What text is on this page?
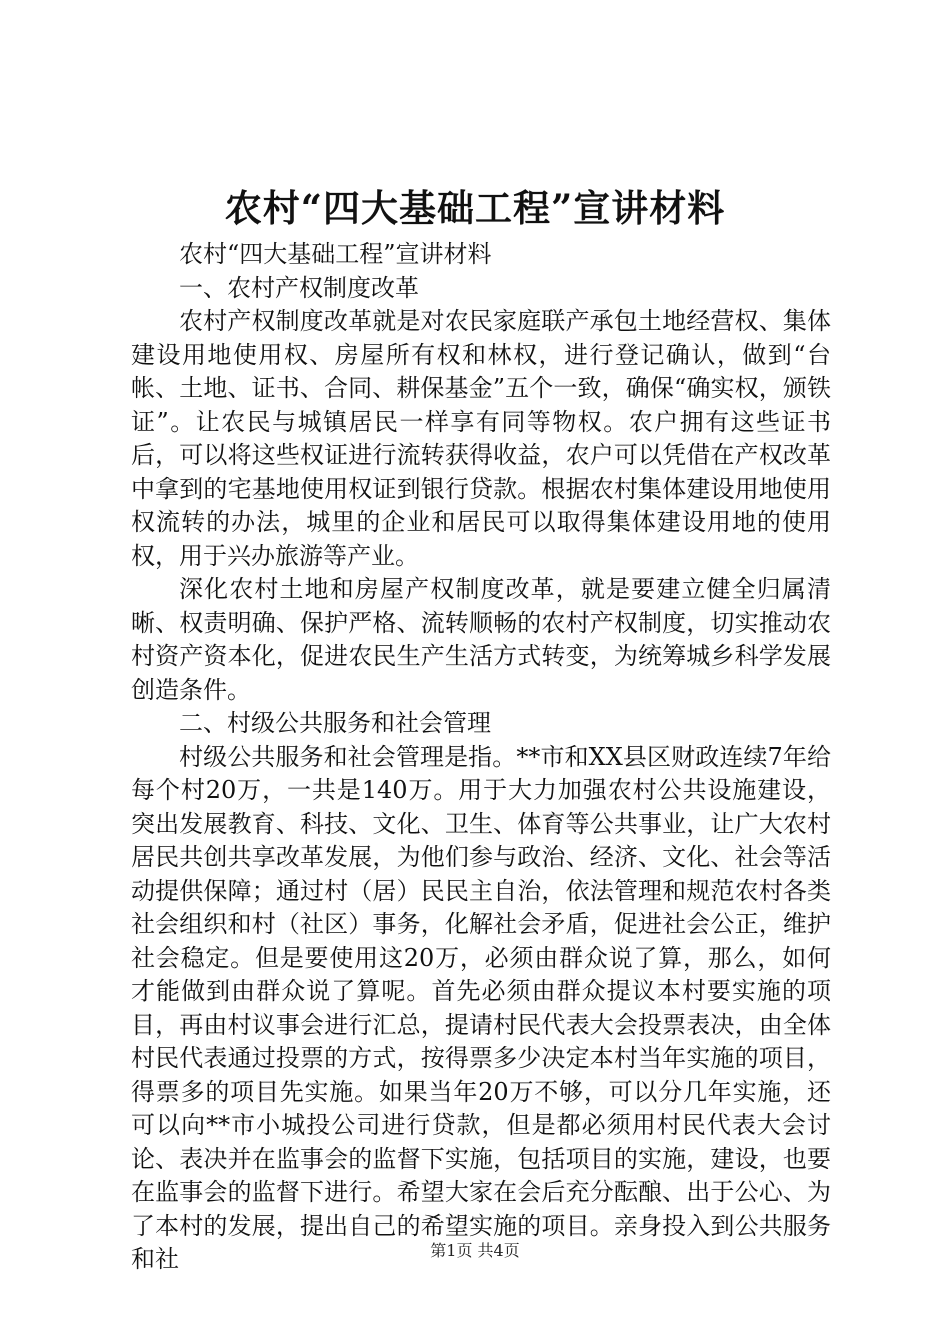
农村“四大基础工程”宣讲材料

农村“四大基础工程”宣讲材料

一、农村产权制度改革

农村产权制度改革就是对农民家庭联产承包土地经营权、集体建设用地使用权、房屋所有权和林权，进行登记确认，做到“台帐、土地、证书、合同、耕保基金”五个一致，确保“确实权，颁铁证”。让农民与城镇居民一样享有同等物权。农户拥有这些证书后，可以将这些权证进行流转获得收益，农户可以凭借在产权改革中拿到的宅基地使用权证到银行贷款。根据农村集体建设用地使用权流转的办法，城里的企业和居民可以取得集体建设用地的使用权，用于兴办旅游等产业。

深化农村土地和房屋产权制度改革，就是要建立健全归属清晰、权责明确、保护严格、流转顺畅的农村产权制度，切实推动农村资产资本化，促进农民生产生活方式转变，为统筹城乡科学发展创造条件。

二、村级公共服务和社会管理

村级公共服务和社会管理是指。**市和XX县区财政连续7年给每个村20万，一共是140万。用于大力加强农村公共设施建设，突出发展教育、科技、文化、卫生、体育等公共事业，让广大农村居民共创共享改革发展，为他们参与政治、经济、文化、社会等活动提供保障；通过村（居）民民主自治，依法管理和规范农村各类社会组织和村（社区）事务，化解社会矛盾，促进社会公正，维护社会稳定。但是要使用这20万，必须由群众说了算，那么，如何才能做到由群众说了算呢。首先必须由群众提议本村要实施的项目，再由村议事会进行汇总，提请村民代表大会投票表决，由全体村民代表通过投票的方式，按得票多少决定本村当年实施的项目，得票多的项目先实施。如果当年20万不够，可以分几年实施，还可以向**市小城投公司进行贷款，但是都必须用村民代表大会讨论、表决并在监事会的监督下实施，包括项目的实施，建设，也要在监事会的监督下进行。希望大家在会后充分酝酿、出于公心、为了本村的发展，提出自己的希望实施的项目。亲身投入到公共服务和社	第1页 共4页
